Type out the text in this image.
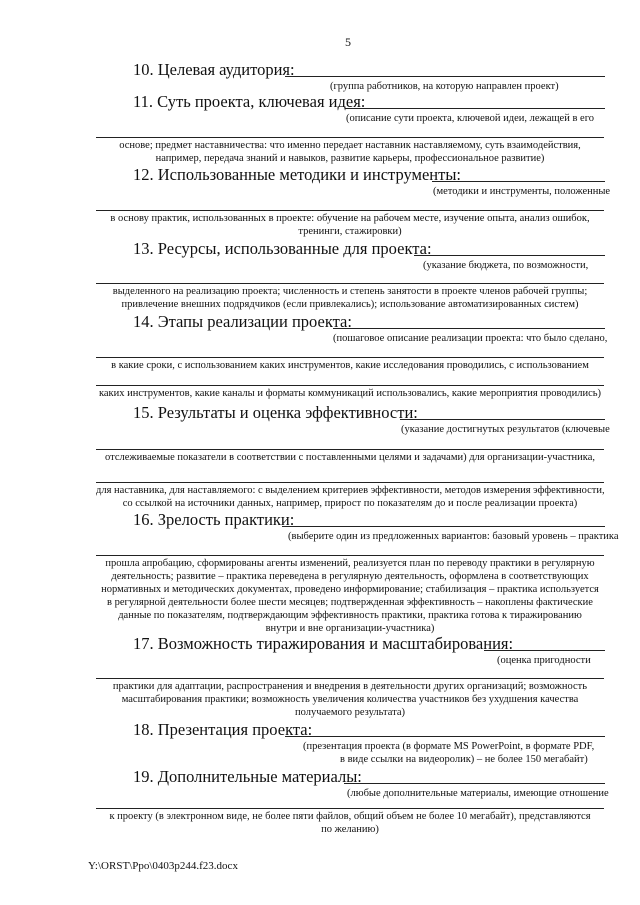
5
10. Целевая аудитория:
(группа работников, на которую направлен проект)
11. Суть проекта, ключевая идея:
(описание сути проекта, ключевой идеи, лежащей в его
основе; предмет наставничества: что именно передает наставник наставляемому, суть взаимодействия,
например, передача знаний и навыков, развитие карьеры, профессиональное развитие)
12. Использованные методики и инструменты:
(методики и инструменты, положенные
в основу практик, использованных в проекте: обучение на рабочем месте, изучение опыта, анализ ошибок,
тренинги, стажировки)
13. Ресурсы, использованные для проекта:
(указание бюджета, по возможности,
выделенного на реализацию проекта; численность и степень занятости в проекте членов рабочей группы;
привлечение внешних подрядчиков (если привлекались); использование автоматизированных систем)
14. Этапы реализации проекта:
(пошаговое описание реализации проекта: что было сделано,
в какие сроки, с использованием каких инструментов, какие исследования проводились, с использованием
каких инструментов, какие каналы и форматы коммуникаций использовались, какие мероприятия проводились)
15. Результаты и оценка эффективности:
(указание достигнутых результатов (ключевые
отслеживаемые показатели в соответствии с поставленными целями и задачами) для организации-участника,
для наставника, для наставляемого: с выделением критериев эффективности, методов измерения эффективности,
со ссылкой на источники данных, например, прирост по показателям до и после реализации проекта)
16. Зрелость практики:
(выберите один из предложенных вариантов: базовый уровень – практика
прошла апробацию, сформированы агенты изменений, реализуется план по переводу практики в регулярную
деятельность; развитие – практика переведена в регулярную деятельность, оформлена в соответствующих
нормативных и методических документах, проведено информирование; стабилизация – практика используется
в регулярной деятельности более шести месяцев; подтвержденная эффективность – накоплены фактические
данные по показателям, подтверждающим эффективность практики, практика готова к тиражированию
внутри и вне организации-участника)
17. Возможность тиражирования и масштабирования:
(оценка пригодности
практики для адаптации, распространения и внедрения в деятельности других организаций; возможность
масштабирования практики; возможность увеличения количества участников без ухудшения качества
получаемого результата)
18. Презентация проекта:
(презентация проекта (в формате MS PowerPoint, в формате PDF,
в виде ссылки на видеоролик) – не более 150 мегабайт)
19. Дополнительные материалы:
(любые дополнительные материалы, имеющие отношение
к проекту (в электронном виде, не более пяти файлов, общий объем не более 10 мегабайт), представляются
по желанию)
Y:\ORST\Ppo\0403p244.f23.docx
